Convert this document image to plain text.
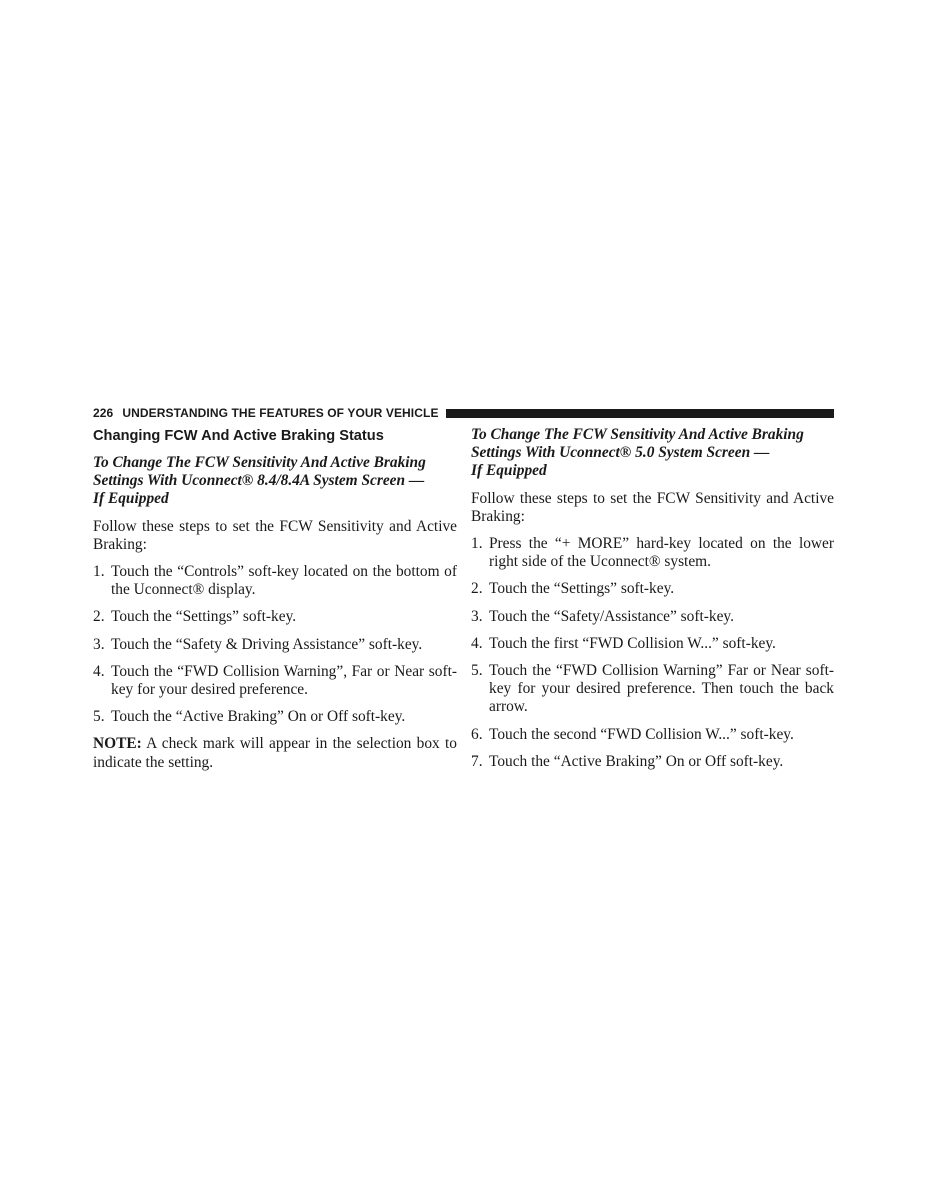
226 UNDERSTANDING THE FEATURES OF YOUR VEHICLE
Changing FCW And Active Braking Status
To Change The FCW Sensitivity And Active Braking
Settings With Uconnect® 8.4/8.4A System Screen —
If Equipped

Follow these steps to set the FCW Sensitivity and Active Braking:

1. Touch the “Controls” soft-key located on the bottom of the Uconnect® display.
2. Touch the “Settings” soft-key.
3. Touch the “Safety & Driving Assistance” soft-key.
4. Touch the “FWD Collision Warning”, Far or Near soft-key for your desired preference.
5. Touch the “Active Braking” On or Off soft-key.

NOTE: A check mark will appear in the selection box to indicate the setting.

To Change The FCW Sensitivity And Active Braking
Settings With Uconnect® 5.0 System Screen —
If Equipped

Follow these steps to set the FCW Sensitivity and Active Braking:

1. Press the “+ MORE” hard-key located on the lower right side of the Uconnect® system.
2. Touch the “Settings” soft-key.
3. Touch the “Safety/Assistance” soft-key.
4. Touch the first “FWD Collision W...” soft-key.
5. Touch the “FWD Collision Warning” Far or Near soft-key for your desired preference. Then touch the back arrow.
6. Touch the second “FWD Collision W...” soft-key.
7. Touch the “Active Braking” On or Off soft-key.
